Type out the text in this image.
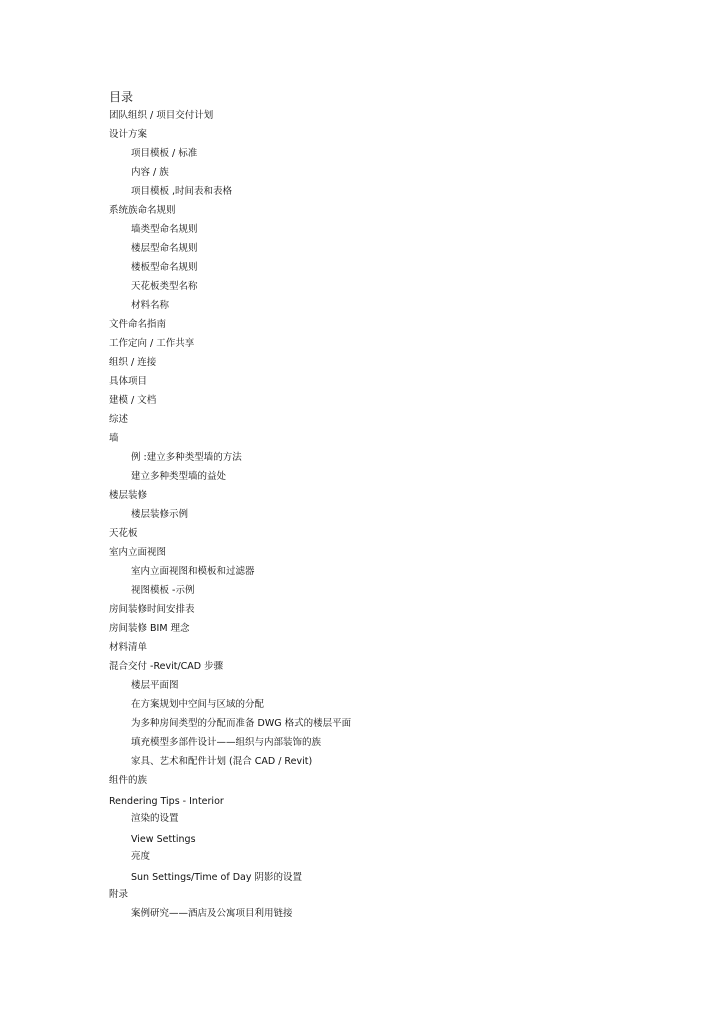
目录
团队组织 / 项目交付计划
设计方案
项目模板 / 标准
内容 / 族
项目模板 ,时间表和表格
系统族命名规则
墙类型命名规则
楼层型命名规则
楼板型命名规则
天花板类型名称
材料名称
文件命名指南
工作定向 / 工作共享
组织 / 连接
具体项目
建模 / 文档
综述
墙
例 :建立多种类型墙的方法
建立多种类型墙的益处
楼层装修
楼层装修示例
天花板
室内立面视图
室内立面视图和模板和过滤器
视图模板 -示例
房间装修时间安排表
房间装修 BIM 理念
材料清单
混合交付 -Revit/CAD 步骤
楼层平面图
在方案规划中空间与区域的分配
为多种房间类型的分配而准备 DWG 格式的楼层平面
填充模型多部件设计——组织与内部装饰的族
家具、艺术和配件计划 (混合 CAD / Revit)
组件的族
Rendering Tips - Interior
渲染的设置
View Settings
亮度
Sun Settings/Time of Day 阴影的设置
附录
案例研究——酒店及公寓项目利用链接
